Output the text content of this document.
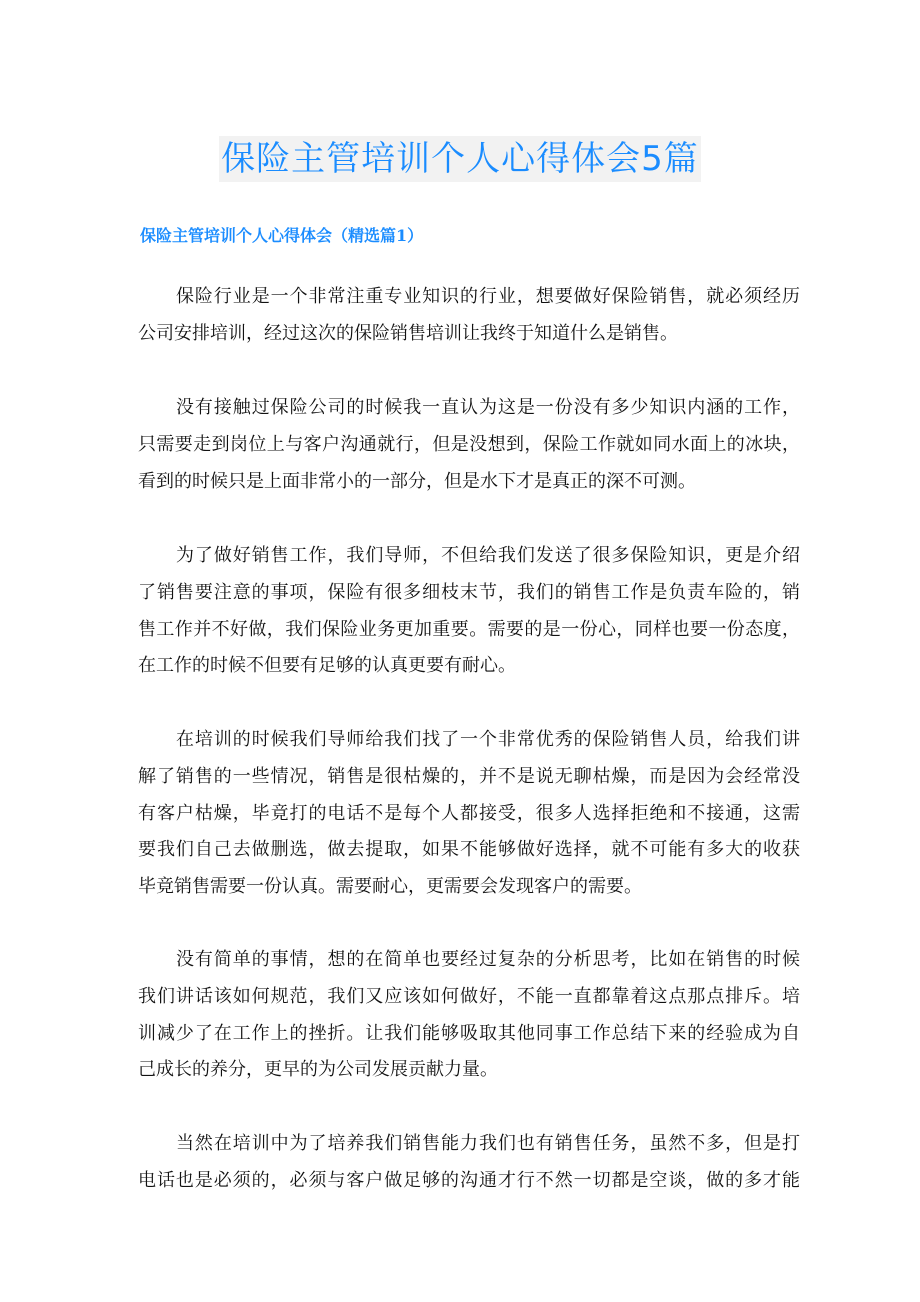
保险主管培训个人心得体会5篇
保险主管培训个人心得体会（精选篇1）
保险行业是一个非常注重专业知识的行业，想要做好保险销售，就必须经历
公司安排培训，经过这次的保险销售培训让我终于知道什么是销售。
没有接触过保险公司的时候我一直认为这是一份没有多少知识内涵的工作，
只需要走到岗位上与客户沟通就行，但是没想到，保险工作就如同水面上的冰块，
看到的时候只是上面非常小的一部分，但是水下才是真正的深不可测。
为了做好销售工作，我们导师，不但给我们发送了很多保险知识，更是介绍
了销售要注意的事项，保险有很多细枝末节，我们的销售工作是负责车险的，销
售工作并不好做，我们保险业务更加重要。需要的是一份心，同样也要一份态度，
在工作的时候不但要有足够的认真更要有耐心。
在培训的时候我们导师给我们找了一个非常优秀的保险销售人员，给我们讲
解了销售的一些情况，销售是很枯燥的，并不是说无聊枯燥，而是因为会经常没
有客户枯燥，毕竟打的电话不是每个人都接受，很多人选择拒绝和不接通，这需
要我们自己去做删选，做去提取，如果不能够做好选择，就不可能有多大的收获
毕竟销售需要一份认真。需要耐心，更需要会发现客户的需要。
没有简单的事情，想的在简单也要经过复杂的分析思考，比如在销售的时候
我们讲话该如何规范，我们又应该如何做好，不能一直都靠着这点那点排斥。培
训减少了在工作上的挫折。让我们能够吸取其他同事工作总结下来的经验成为自
己成长的养分，更早的为公司发展贡献力量。
当然在培训中为了培养我们销售能力我们也有销售任务，虽然不多，但是打
电话也是必须的，必须与客户做足够的沟通才行不然一切都是空谈，做的多才能
